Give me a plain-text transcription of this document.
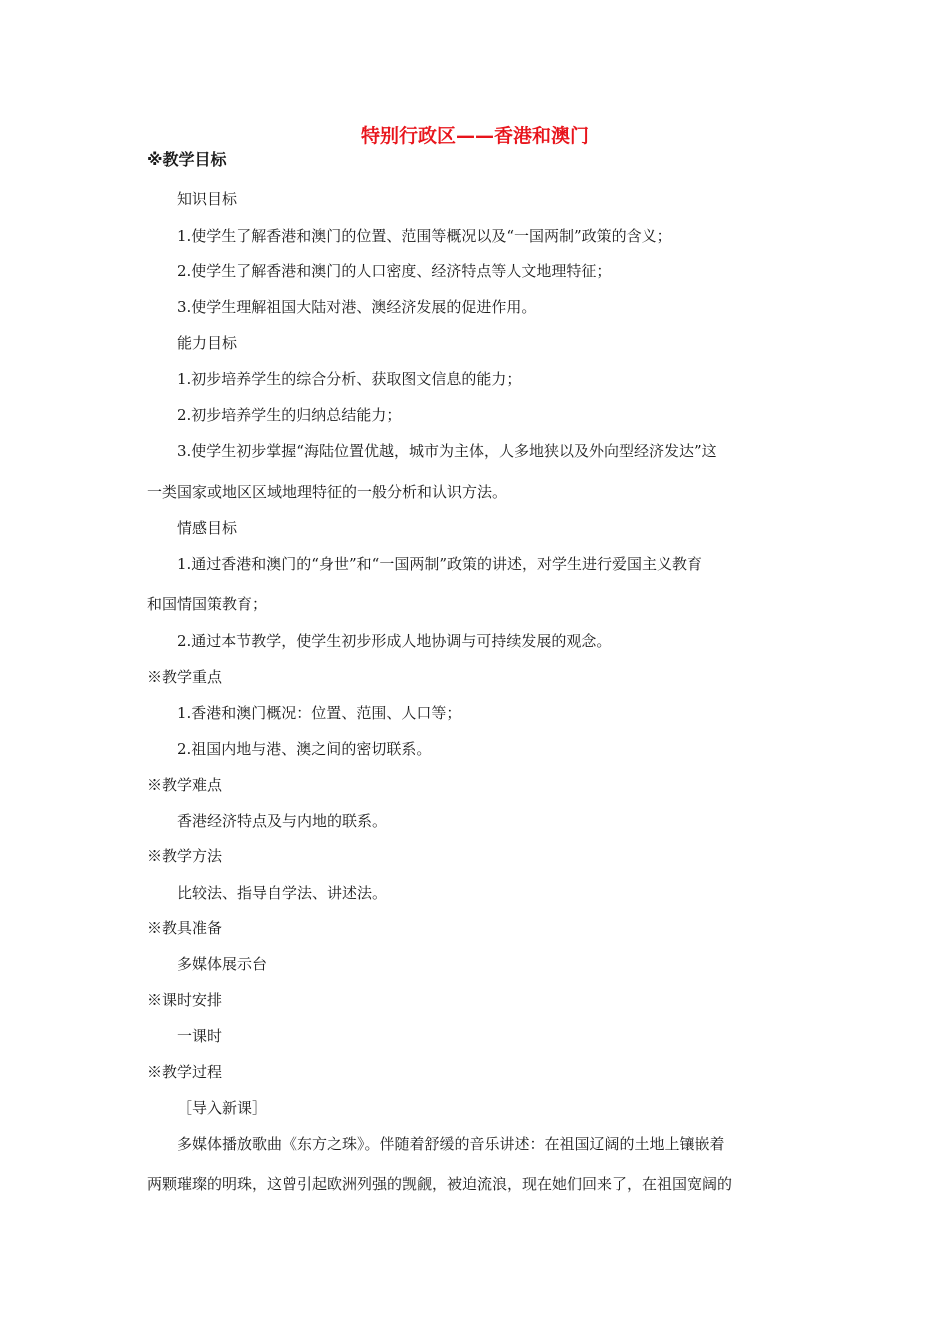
特别行政区——香港和澳门
※教学目标
知识目标
1.使学生了解香港和澳门的位置、范围等概况以及“一国两制”政策的含义；
2.使学生了解香港和澳门的人口密度、经济特点等人文地理特征；
3.使学生理解祖国大陆对港、澳经济发展的促进作用。
能力目标
1.初步培养学生的综合分析、获取图文信息的能力；
2.初步培养学生的归纳总结能力；
3.使学生初步掌握“海陆位置优越，城市为主体，人多地狭以及外向型经济发达”这
一类国家或地区区域地理特征的一般分析和认识方法。
情感目标
1.通过香港和澳门的“身世”和“一国两制”政策的讲述，对学生进行爱国主义教育
和国情国策教育；
2.通过本节教学，使学生初步形成人地协调与可持续发展的观念。
※教学重点
1.香港和澳门概况：位置、范围、人口等；
2.祖国内地与港、澳之间的密切联系。
※教学难点
香港经济特点及与内地的联系。
※教学方法
比较法、指导自学法、讲述法。
※教具准备
多媒体展示台
※课时安排
一课时
※教学过程
［导入新课］
多媒体播放歌曲《东方之珠》。伴随着舒缓的音乐讲述：在祖国辽阔的土地上镶嵌着
两颗璀璨的明珠，这曾引起欧洲列强的觊觎，被迫流浪，现在她们回来了，在祖国宽阔的
